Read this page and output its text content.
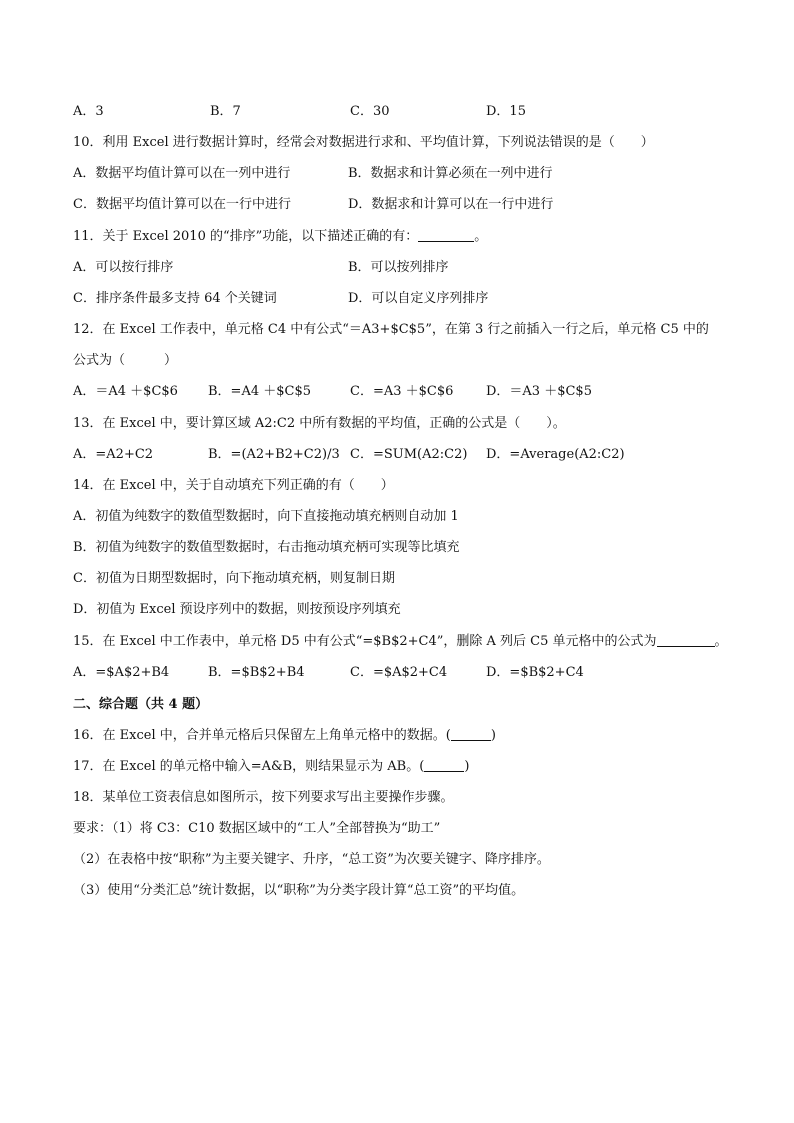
A．3	B．7	C．30	D．15
10．利用 Excel 进行数据计算时，经常会对数据进行求和、平均值计算，下列说法错误的是（　　）
A．数据平均值计算可以在一列中进行	B．数据求和计算必须在一列中进行
C．数据平均值计算可以在一行中进行	D．数据求和计算可以在一行中进行
11．关于 Excel 2010 的“排序”功能，以下描述正确的有：	。
A．可以按行排序	B．可以按列排序
C．排序条件最多支持 64 个关键词	D．可以自定义序列排序
12．在 Excel 工作表中，单元格 C4 中有公式“＝A3+$C$5”，在第 3 行之前插入一行之后，单元格 C5 中的
公式为（　　　）
A．＝A4 ＋$C$6 B．=A4 ＋$C$5	C．=A3 ＋$C$6	D．＝A3 ＋$C$5
13．在 Excel 中，要计算区域 A2:C2 中所有数据的平均值，正确的公式是（　　）。
A．=A2+C2	B．=(A2+B2+C2)/3 C．=SUM(A2:C2) D．=Average(A2:C2)
14．在 Excel 中，关于自动填充下列正确的有（　　）
A．初值为纯数字的数值型数据时，向下直接拖动填充柄则自动加 1
B．初值为纯数字的数值型数据时，右击拖动填充柄可实现等比填充
C．初值为日期型数据时，向下拖动填充柄，则复制日期
D．初值为 Excel 预设序列中的数据，则按预设序列填充
15．在 Excel 中工作表中，单元格 D5 中有公式“=$B$2+C4”，删除 A 列后 C5 单元格中的公式为	。
A．=$A$2+B4	B．=$B$2+B4	C．=$A$2+C4	D．=$B$2+C4
二、综合题（共 4 题）
16．在 Excel 中，合并单元格后只保留左上角单元格中的数据。(	)
17．在 Excel 的单元格中输入=A&B，则结果显示为 AB。(	)
18．某单位工资表信息如图所示，按下列要求写出主要操作步骤。
要求：（1）将 C3：C10 数据区域中的“工人”全部替换为“助工”
（2）在表格中按“职称”为主要关键字、升序，“总工资”为次要关键字、降序排序。
（3）使用“分类汇总”统计数据，以“职称”为分类字段计算“总工资”的平均值。
